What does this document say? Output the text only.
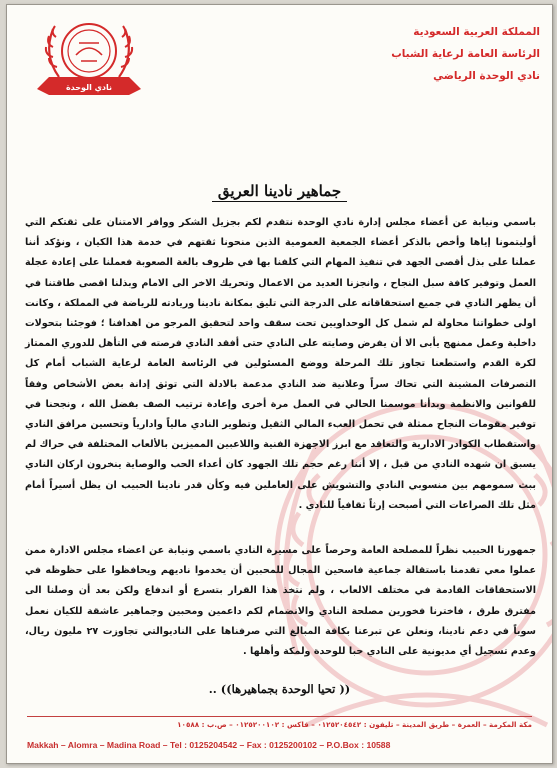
المملكة العربية السعودية
الرئاسة العامة لرعاية الشباب
نادي الوحدة الرياضي
نادي الوحدة
جماهير نادينا العريق
باسمي ونيابة عن أعضاء مجلس إدارة نادي الوحدة نتقدم لكم بجزيل الشكر ووافر الامتنان على ثقتكم التي أوليتمونا إياها وأخص بالذكر أعضاء الجمعية العمومية الذين منحونا ثقتهم في خدمة هذا الكيان ، ونؤكد أننا عملنا على بذل أقصى الجهد في تنفيذ المهام التي كلفنا بها في ظروف بالغة الصعوبة فعملنا على إعادة عجلة العمل وتوفير كافة سبل النجاح ، وانجزنا العديد من الاعمال وتحريك الاخر الى الامام وبذلنا اقصى طاقتنا في أن يظهر النادي في جميع استحقاقاته على الدرجة التي تليق بمكانة نادينا وريادته للرياضة في المملكة ، وكانت اولى خطواتنا محاولة لم شمل كل الوحداويين تحت سقف واحد لتحقيق المرجو من اهدافنا ؛ فوجئنا بتحولات داخلية وعمل ممنهج يأبى الا أن يفرض وصايته على النادي حتى أفقد النادي فرصته في التأهل للدوري الممتاز لكرة القدم واستطعنا تجاوز تلك المرحلة ووضع المسئولين في الرئاسة العامة لرعاية الشباب أمام كل التصرفات المشينة التي تحاك سراً وعلانية ضد النادي مدعمة بالادلة التي توثق إدانة بعض الأشخاص وفقاً للقوانين والانظمة وبدأنا موسمنا الحالي في العمل مرة أخرى وإعادة ترتيب الصف بفضل الله ، ونجحنا في توفير مقومات النجاح ممثلة في تحمل العبء المالي الثقيل وتطوير النادي مالياً وادارياً وتحسين مرافق النادي واستقطاب الكوادر الادارية والتعاقد مع ابرز الاجهزة الفنية واللاعبين المميزين بالألعاب المختلفة في حراك لم يسبق ان شهده النادي من قبل ، إلا أننا رغم حجم تلك الجهود كان أعداء الحب والوصاية ينخرون اركان النادي ببث سمومهم بين منسوبي النادي والتشويش على العاملين فيه وكأن قدر نادينا الحبيب ان يظل أسيراً أمام مثل تلك الصراعات التي أصبحت إرثاً ثقافياً للنادي .
جمهورنا الحبيب نظراً للمصلحة العامة وحرصاً على مسيرة النادي باسمي ونيابة عن اعضاء مجلس الادارة ممن عملوا معي تقدمنا باستقالة جماعية فاسحين المجال للمحبين أن يخدموا ناديهم ويحافظوا على حظوظه في الاستحقاقات القادمة في مختلف الالعاب ، ولم نتخذ هذا القرار بتسرع أو اندفاع ولكن بعد أن وصلنا الى مفترق طرق ، فاخترنا فخورين مصلحة النادي والانضمام لكم داعمين ومحبين وجماهير عاشقة للكيان نعمل سوياً في دعم نادينا، ونعلن عن تبرعنا بكافة المبالغ التي صرفناها على الناديوالتي تجاوزت ٢٧ مليون ريال، وعدم تسجيل أي مديونية على النادي حبا للوحدة ولمكة وأهلها .
(( تحيا الوحدة بجماهيرها)) ..
مكة المكرمة – العمرة – طريق المدينة – تليفون : ٠١٢٥٢٠٤٥٤٢ – فاكس : ٠١٢٥٢٠٠١٠٢ – ص.ب : ١٠٥٨٨
Makkah – Alomra – Madina Road – Tel : 0125204542 – Fax : 0125200102 – P.O.Box : 10588
